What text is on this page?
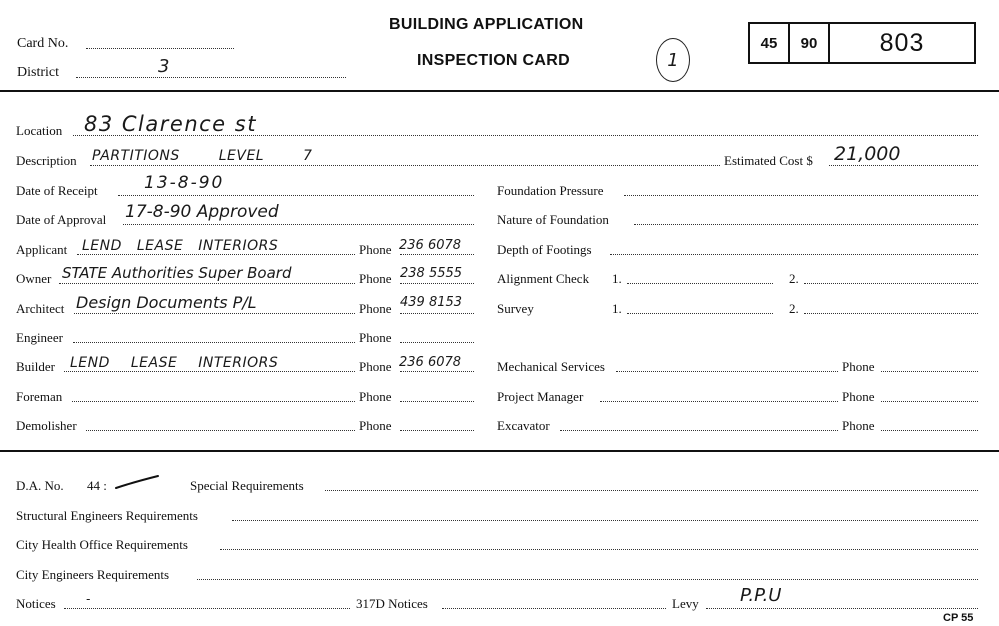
Card No.
District	3
BUILDING APPLICATION
INSPECTION CARD	1
45	90	803
Location 83 Clarence st
Description PARTITIONS LEVEL 7	Estimated Cost $ 21,000
Date of Receipt	13-8-90
Date of Approval 17-8-90 Approved
Applicant LEND LEASE INTERIORS	Phone 236 6078
Owner STATE Authorities Super Board	Phone 238 5555
Architect Design Documents P/L	Phone 439 8153
Engineer	Phone
Builder LEND LEASE INTERIORS	Phone 236 6078
Foreman	Phone
Demolisher	Phone
Foundation Pressure
Nature of Foundation
Depth of Footings
Alignment Check 1.	2.
Survey	1.	2.
Mechanical Services	Phone
Project Manager	Phone
Excavator	Phone
D.A. No. 44 :	Special Requirements
Structural Engineers Requirements
City Health Office Requirements
City Engineers Requirements
Notices	-	317D Notices	Levy P.P.U
CP 55
